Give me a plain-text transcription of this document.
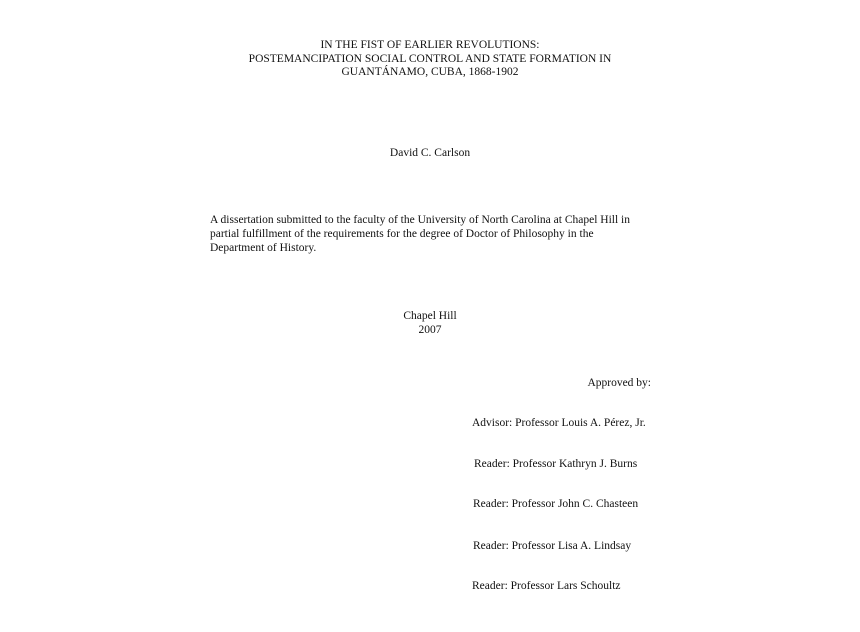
IN THE FIST OF EARLIER REVOLUTIONS:
POSTEMANCIPATION SOCIAL CONTROL AND STATE FORMATION IN
GUANTÁNAMO, CUBA, 1868-1902
David C. Carlson
A dissertation submitted to the faculty of the University of North Carolina at Chapel Hill in
partial fulfillment of the requirements for the degree of Doctor of Philosophy in the
Department of History.
Chapel Hill
2007
Approved by:
Advisor: Professor Louis A. Pérez, Jr.
Reader: Professor Kathryn J. Burns
Reader: Professor John C. Chasteen
Reader: Professor Lisa A. Lindsay
Reader: Professor Lars Schoultz
